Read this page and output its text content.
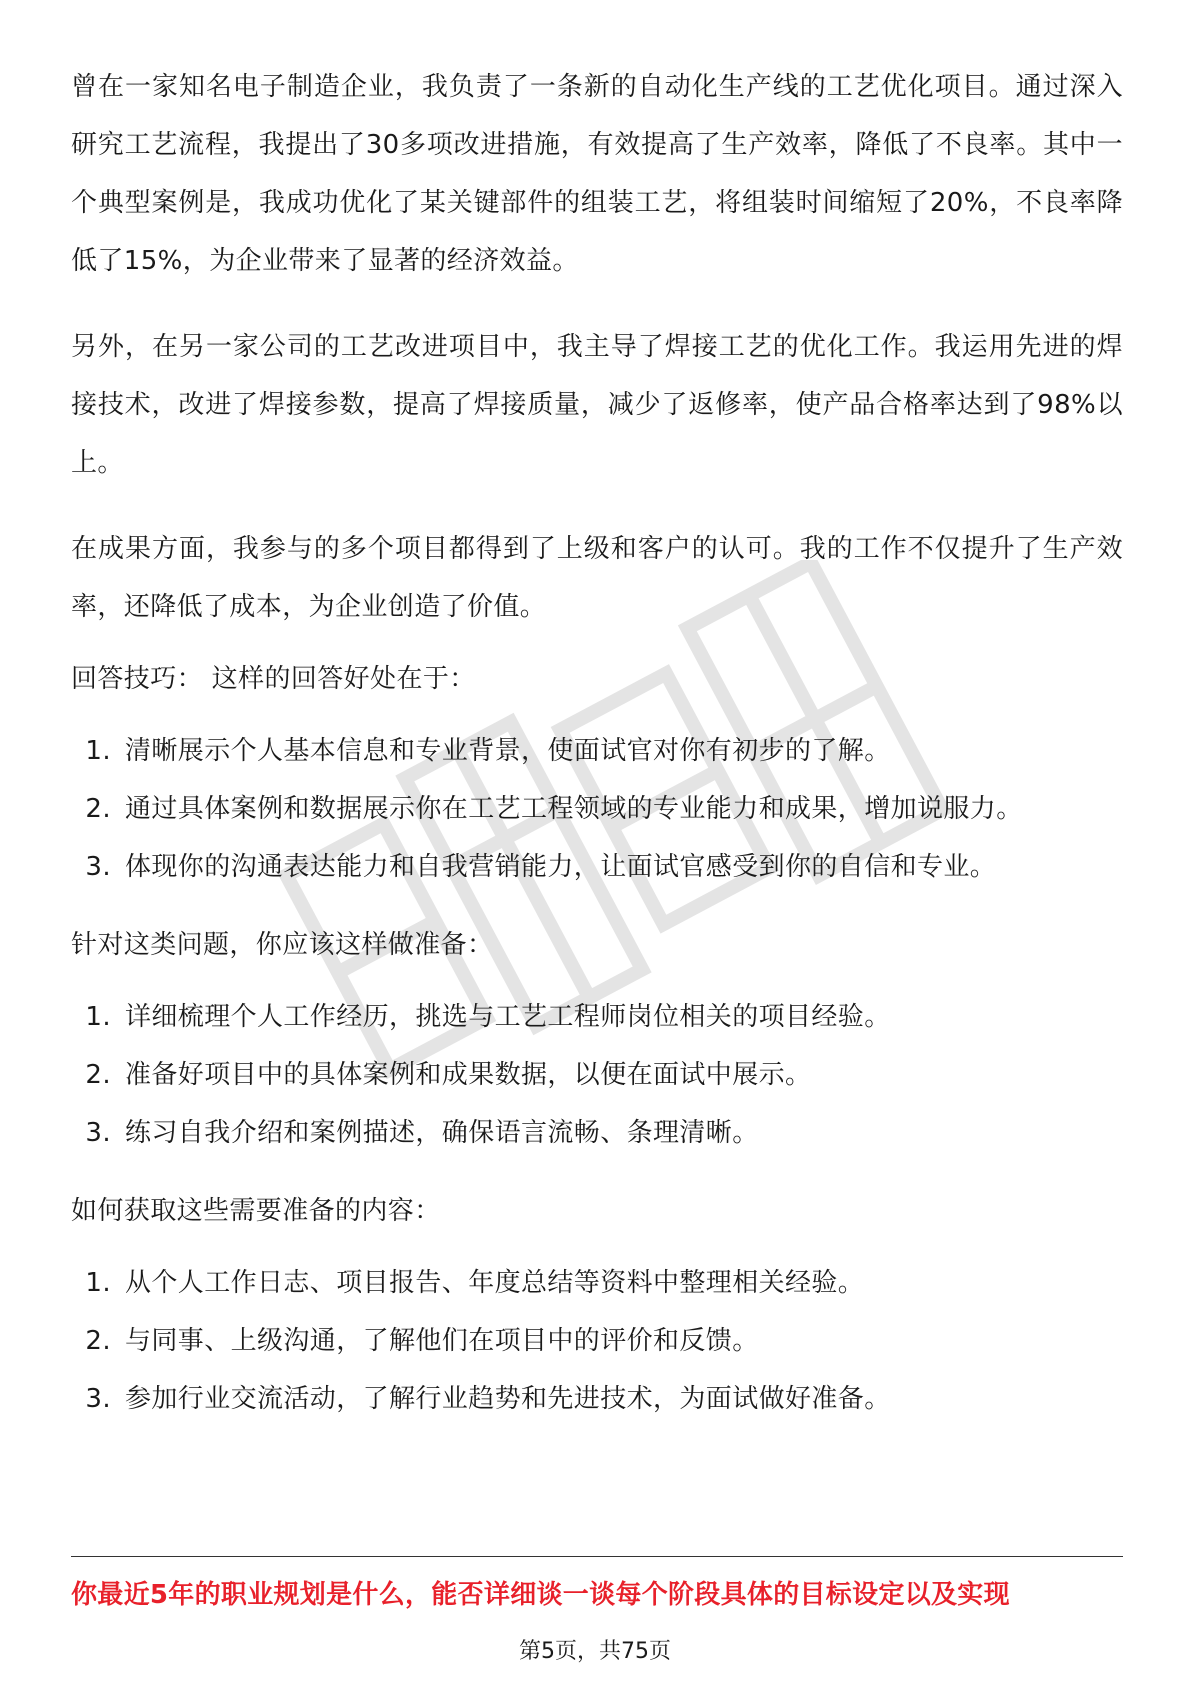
曾在一家知名电子制造企业，我负责了一条新的自动化生产线的工艺优化项目。通过深入研究工艺流程，我提出了30多项改进措施，有效提高了生产效率，降低了不良率。其中一个典型案例是，我成功优化了某关键部件的组装工艺，将组装时间缩短了20%，不良率降低了15%，为企业带来了显著的经济效益。

另外，在另一家公司的工艺改进项目中，我主导了焊接工艺的优化工作。我运用先进的焊接技术，改进了焊接参数，提高了焊接质量，减少了返修率，使产品合格率达到了98%以上。

在成果方面，我参与的多个项目都得到了上级和客户的认可。我的工作不仅提升了生产效率，还降低了成本，为企业创造了价值。

回答技巧： 这样的回答好处在于：

1. 清晰展示个人基本信息和专业背景，使面试官对你有初步的了解。
2. 通过具体案例和数据展示你在工艺工程领域的专业能力和成果，增加说服力。
3. 体现你的沟通表达能力和自我营销能力，让面试官感受到你的自信和专业。

针对这类问题，你应该这样做准备：

1. 详细梳理个人工作经历，挑选与工艺工程师岗位相关的项目经验。
2. 准备好项目中的具体案例和成果数据，以便在面试中展示。
3. 练习自我介绍和案例描述，确保语言流畅、条理清晰。

如何获取这些需要准备的内容：

1. 从个人工作日志、项目报告、年度总结等资料中整理相关经验。
2. 与同事、上级沟通，了解他们在项目中的评价和反馈。
3. 参加行业交流活动，了解行业趋势和先进技术，为面试做好准备。
你最近5年的职业规划是什么，能否详细谈一谈每个阶段具体的目标设定以及实现
第5页，共75页
